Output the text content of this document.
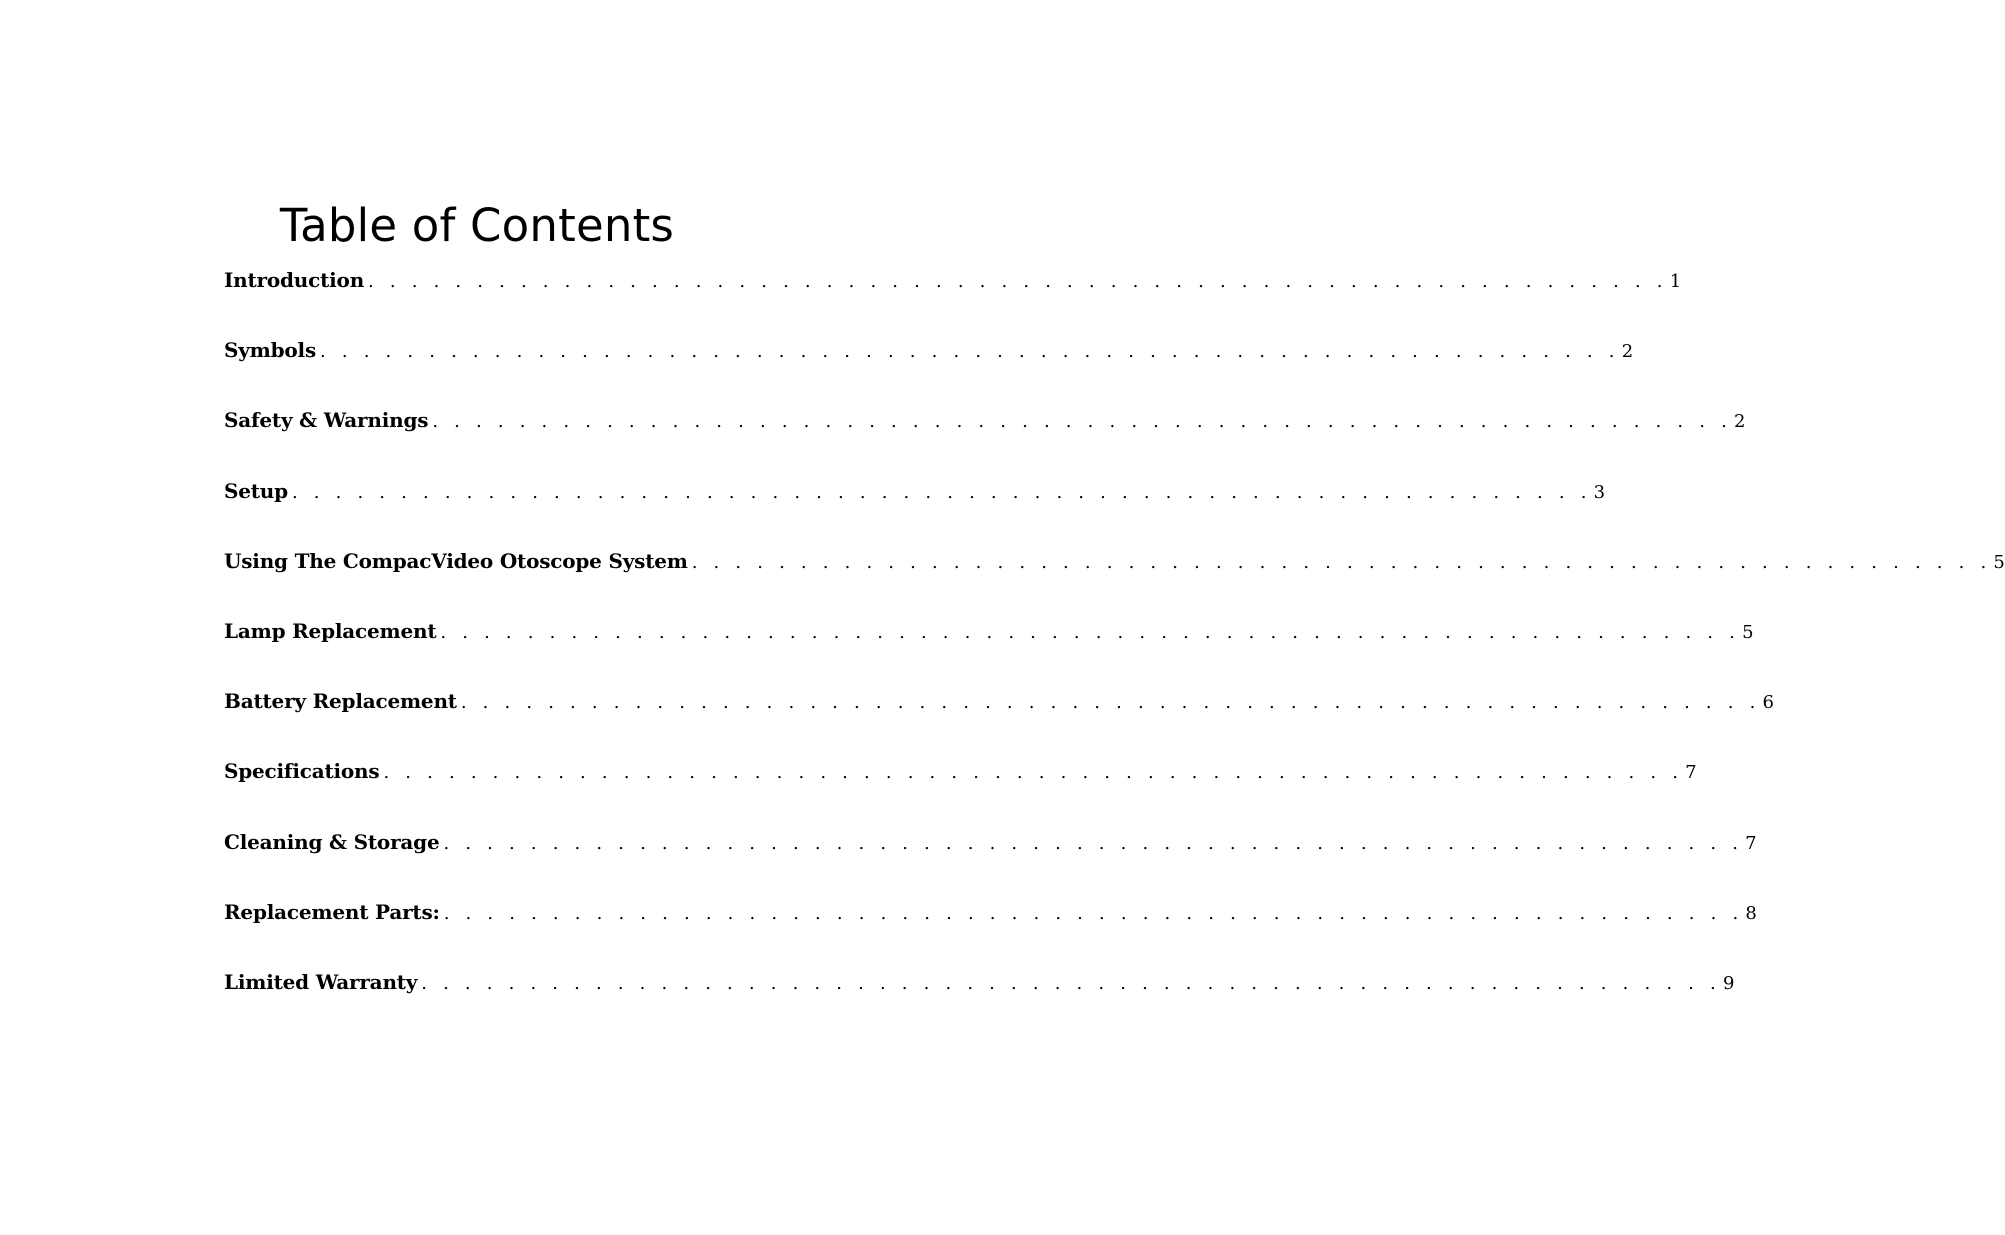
Table of Contents
Introduction . . .	1
Symbols . . .	2
Safety & Warnings . . .	2
Setup . . .	3
Using The CompacVideo Otoscope System . . .	5
Lamp Replacement . . .	5
Battery Replacement . . .	6
Specifications . . .	7
Cleaning & Storage . . .	7
Replacement Parts: . . .	8
Limited Warranty . . .	9
